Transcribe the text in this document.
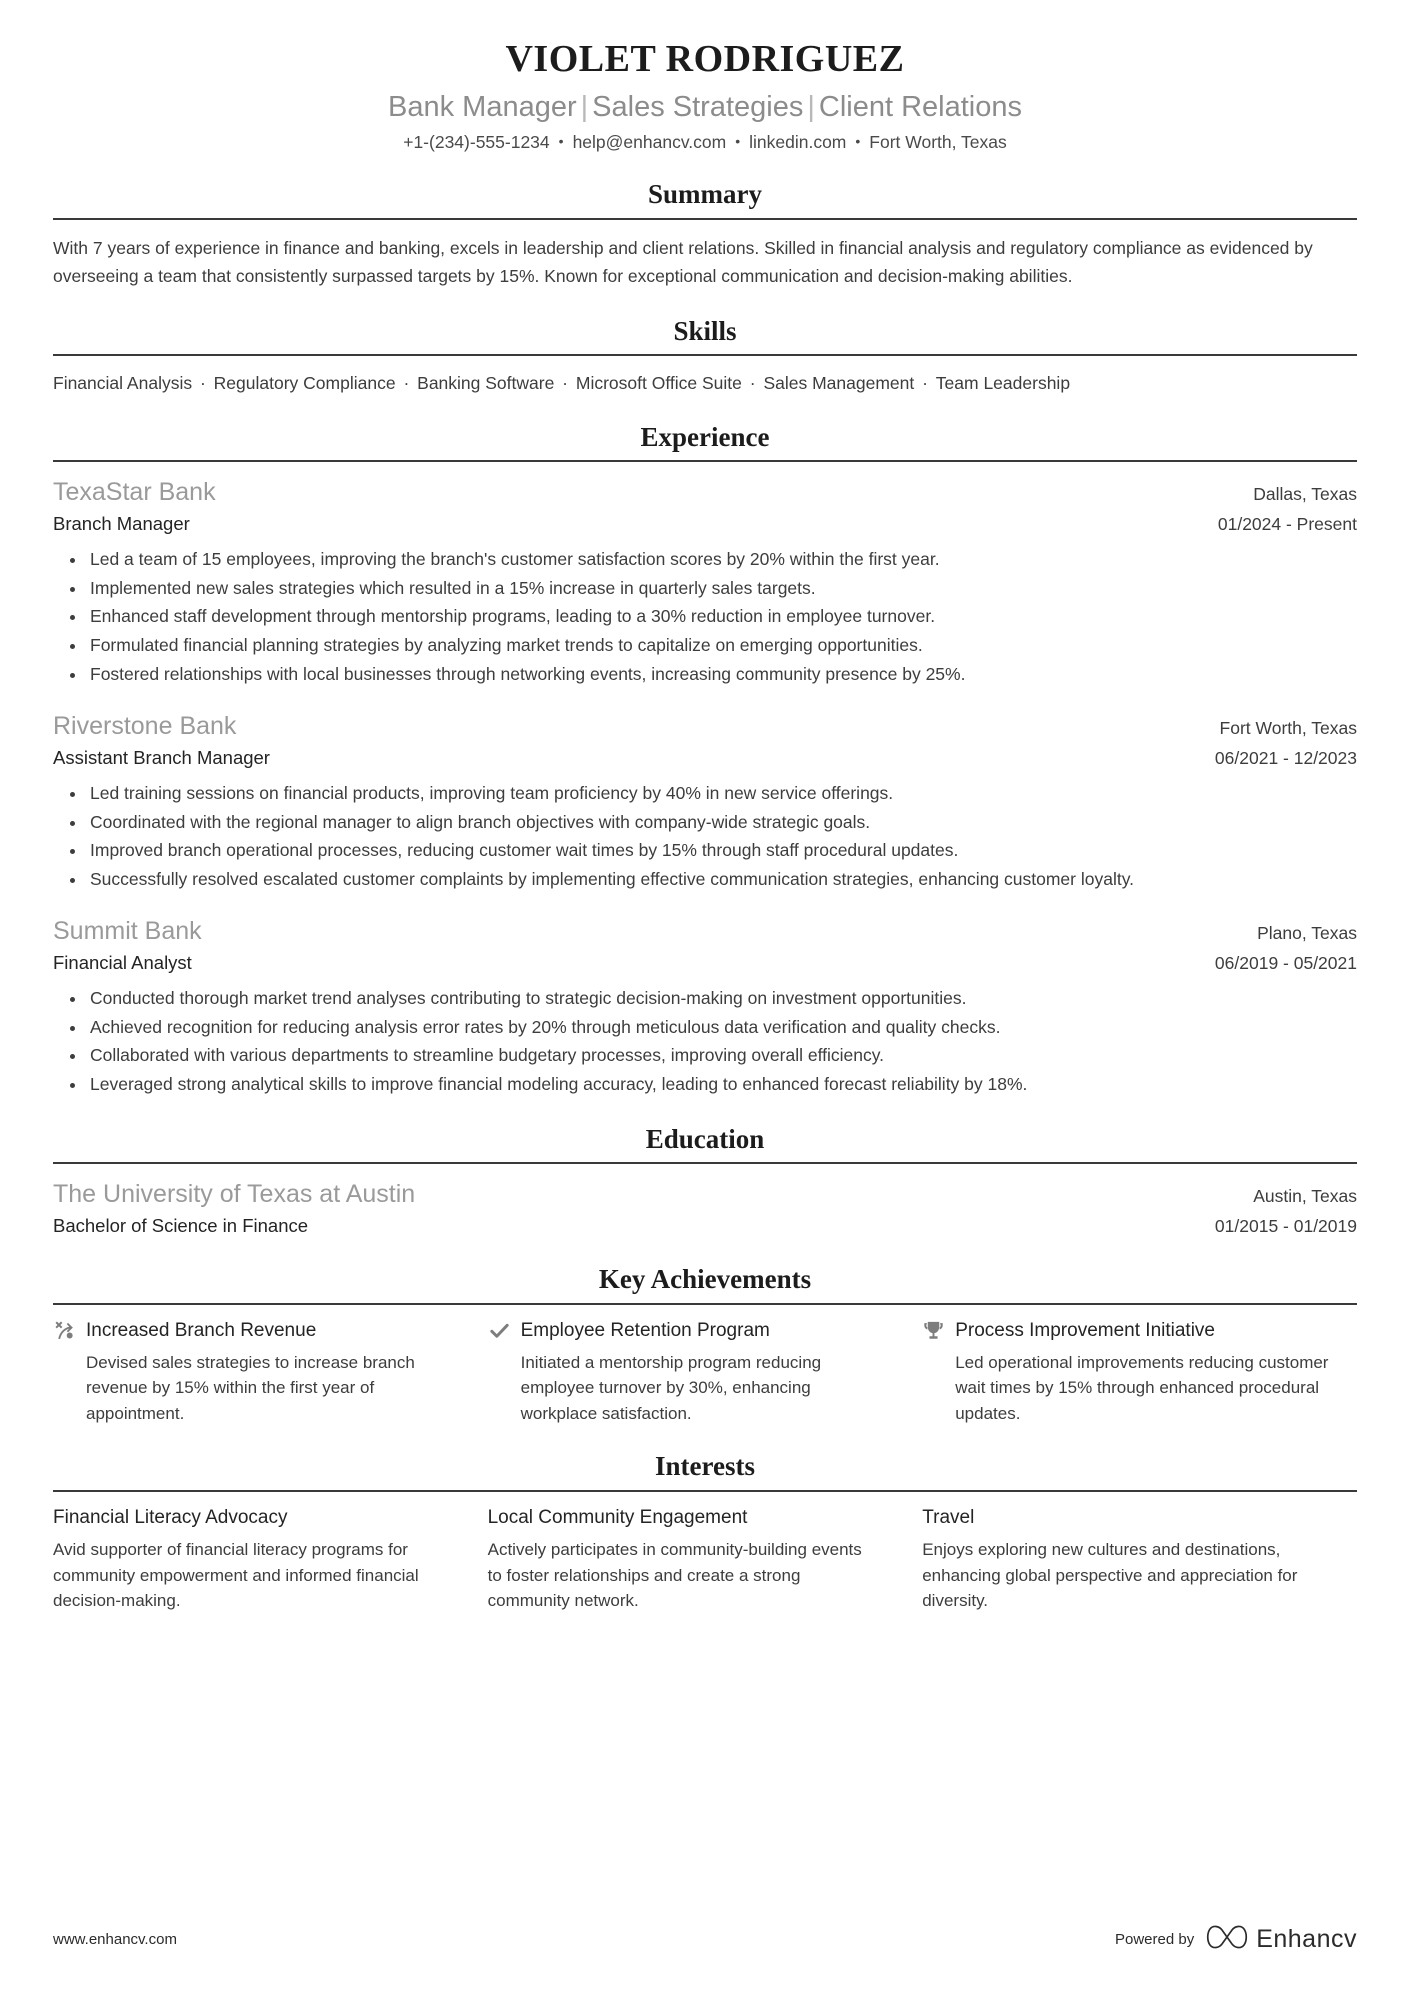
VIOLET RODRIGUEZ
Bank Manager | Sales Strategies | Client Relations
+1-(234)-555-1234 • help@enhancv.com • linkedin.com • Fort Worth, Texas
Summary
With 7 years of experience in finance and banking, excels in leadership and client relations. Skilled in financial analysis and regulatory compliance as evidenced by overseeing a team that consistently surpassed targets by 15%. Known for exceptional communication and decision-making abilities.
Skills
Financial Analysis · Regulatory Compliance · Banking Software · Microsoft Office Suite · Sales Management · Team Leadership
Experience
TexaStar Bank	Dallas, Texas
Branch Manager	01/2024 - Present
Led a team of 15 employees, improving the branch's customer satisfaction scores by 20% within the first year.
Implemented new sales strategies which resulted in a 15% increase in quarterly sales targets.
Enhanced staff development through mentorship programs, leading to a 30% reduction in employee turnover.
Formulated financial planning strategies by analyzing market trends to capitalize on emerging opportunities.
Fostered relationships with local businesses through networking events, increasing community presence by 25%.
Riverstone Bank	Fort Worth, Texas
Assistant Branch Manager	06/2021 - 12/2023
Led training sessions on financial products, improving team proficiency by 40% in new service offerings.
Coordinated with the regional manager to align branch objectives with company-wide strategic goals.
Improved branch operational processes, reducing customer wait times by 15% through staff procedural updates.
Successfully resolved escalated customer complaints by implementing effective communication strategies, enhancing customer loyalty.
Summit Bank	Plano, Texas
Financial Analyst	06/2019 - 05/2021
Conducted thorough market trend analyses contributing to strategic decision-making on investment opportunities.
Achieved recognition for reducing analysis error rates by 20% through meticulous data verification and quality checks.
Collaborated with various departments to streamline budgetary processes, improving overall efficiency.
Leveraged strong analytical skills to improve financial modeling accuracy, leading to enhanced forecast reliability by 18%.
Education
The University of Texas at Austin	Austin, Texas
Bachelor of Science in Finance	01/2015 - 01/2019
Key Achievements
Increased Branch Revenue
Devised sales strategies to increase branch revenue by 15% within the first year of appointment.
Employee Retention Program
Initiated a mentorship program reducing employee turnover by 30%, enhancing workplace satisfaction.
Process Improvement Initiative
Led operational improvements reducing customer wait times by 15% through enhanced procedural updates.
Interests
Financial Literacy Advocacy
Avid supporter of financial literacy programs for community empowerment and informed financial decision-making.
Local Community Engagement
Actively participates in community-building events to foster relationships and create a strong community network.
Travel
Enjoys exploring new cultures and destinations, enhancing global perspective and appreciation for diversity.
www.enhancv.com	Powered by Enhancv
